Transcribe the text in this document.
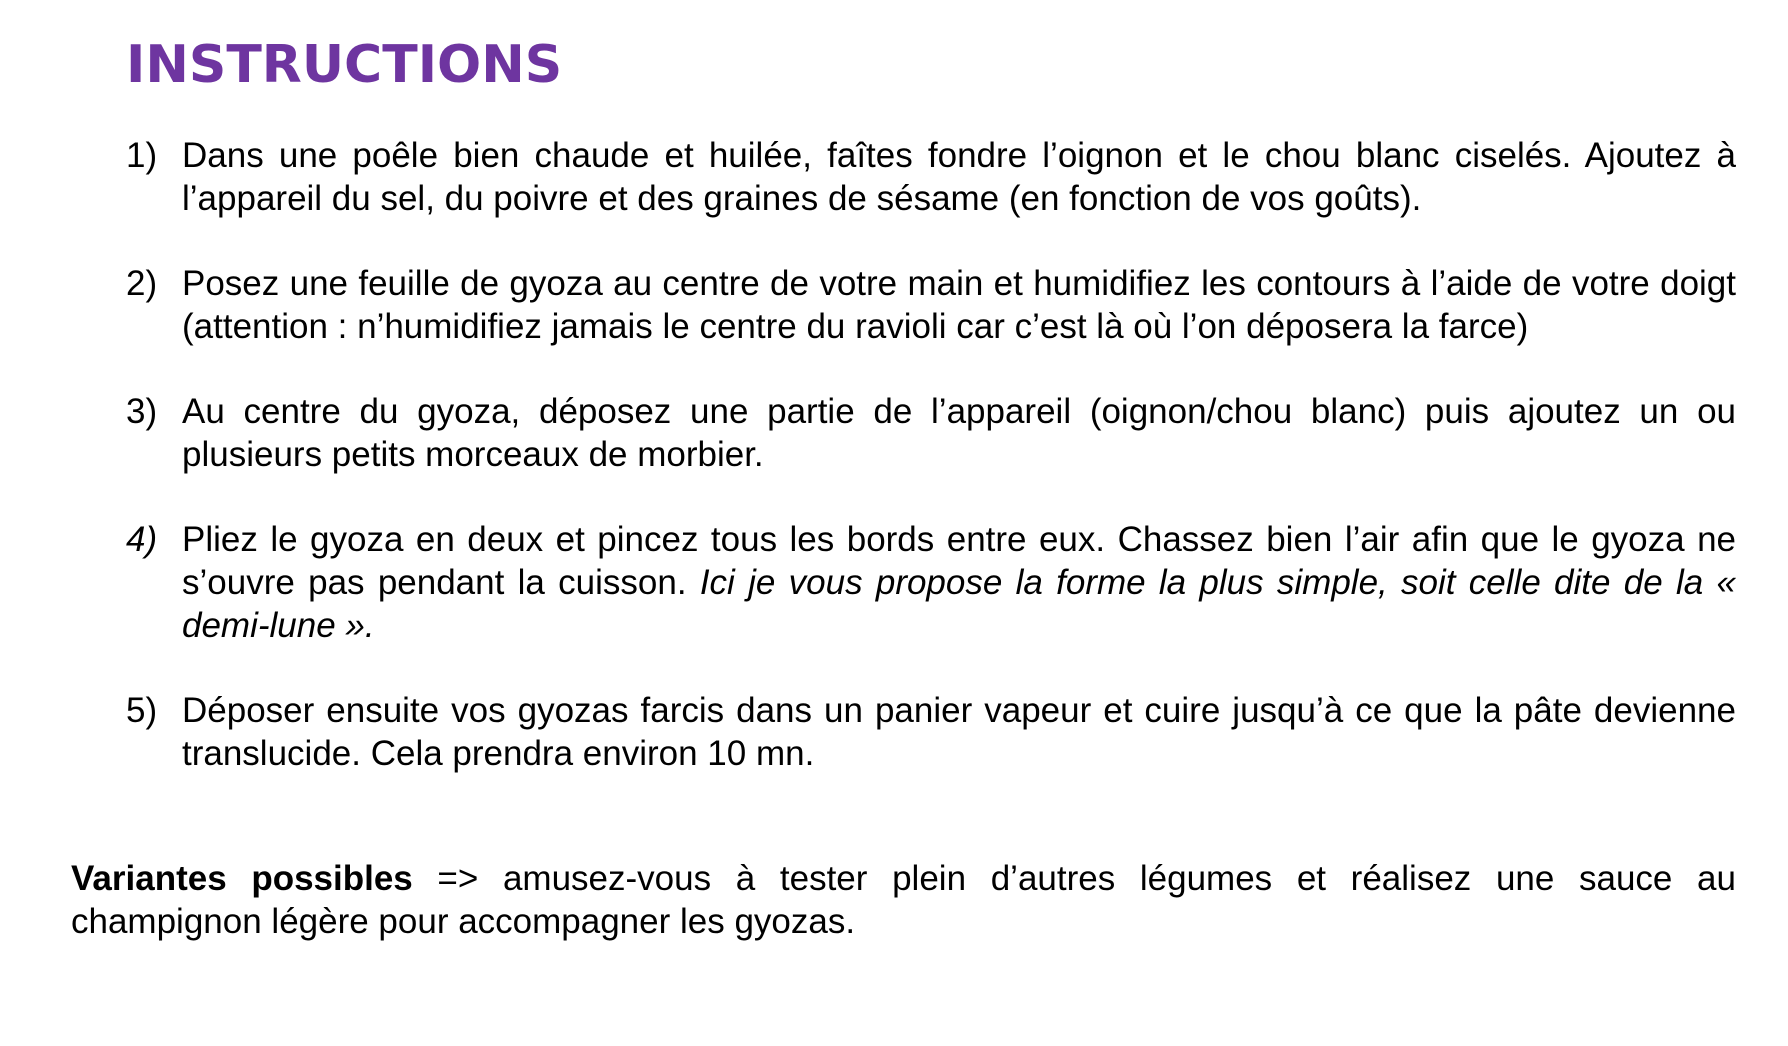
INSTRUCTIONS
1) Dans une poêle bien chaude et huilée, faîtes fondre l’oignon et le chou blanc ciselés. Ajoutez à l’appareil du sel, du poivre et des graines de sésame (en fonction de vos goûts).
2) Posez une feuille de gyoza au centre de votre main et humidifiez les contours à l’aide de votre doigt (attention : n’humidifiez jamais le centre du ravioli car c’est là où l’on déposera la farce)
3) Au centre du gyoza, déposez une partie de l’appareil (oignon/chou blanc) puis ajoutez un ou plusieurs petits morceaux de morbier.
4) Pliez le gyoza en deux et pincez tous les bords entre eux. Chassez bien l’air afin que le gyoza ne s’ouvre pas pendant la cuisson. Ici je vous propose la forme la plus simple, soit celle dite de la « demi-lune ».
5) Déposer ensuite vos gyozas farcis dans un panier vapeur et cuire jusqu’à ce que la pâte devienne translucide. Cela prendra environ 10 mn.

Variantes possibles => amusez-vous à tester plein d’autres légumes et réalisez une sauce au champignon légère pour accompagner les gyozas.
